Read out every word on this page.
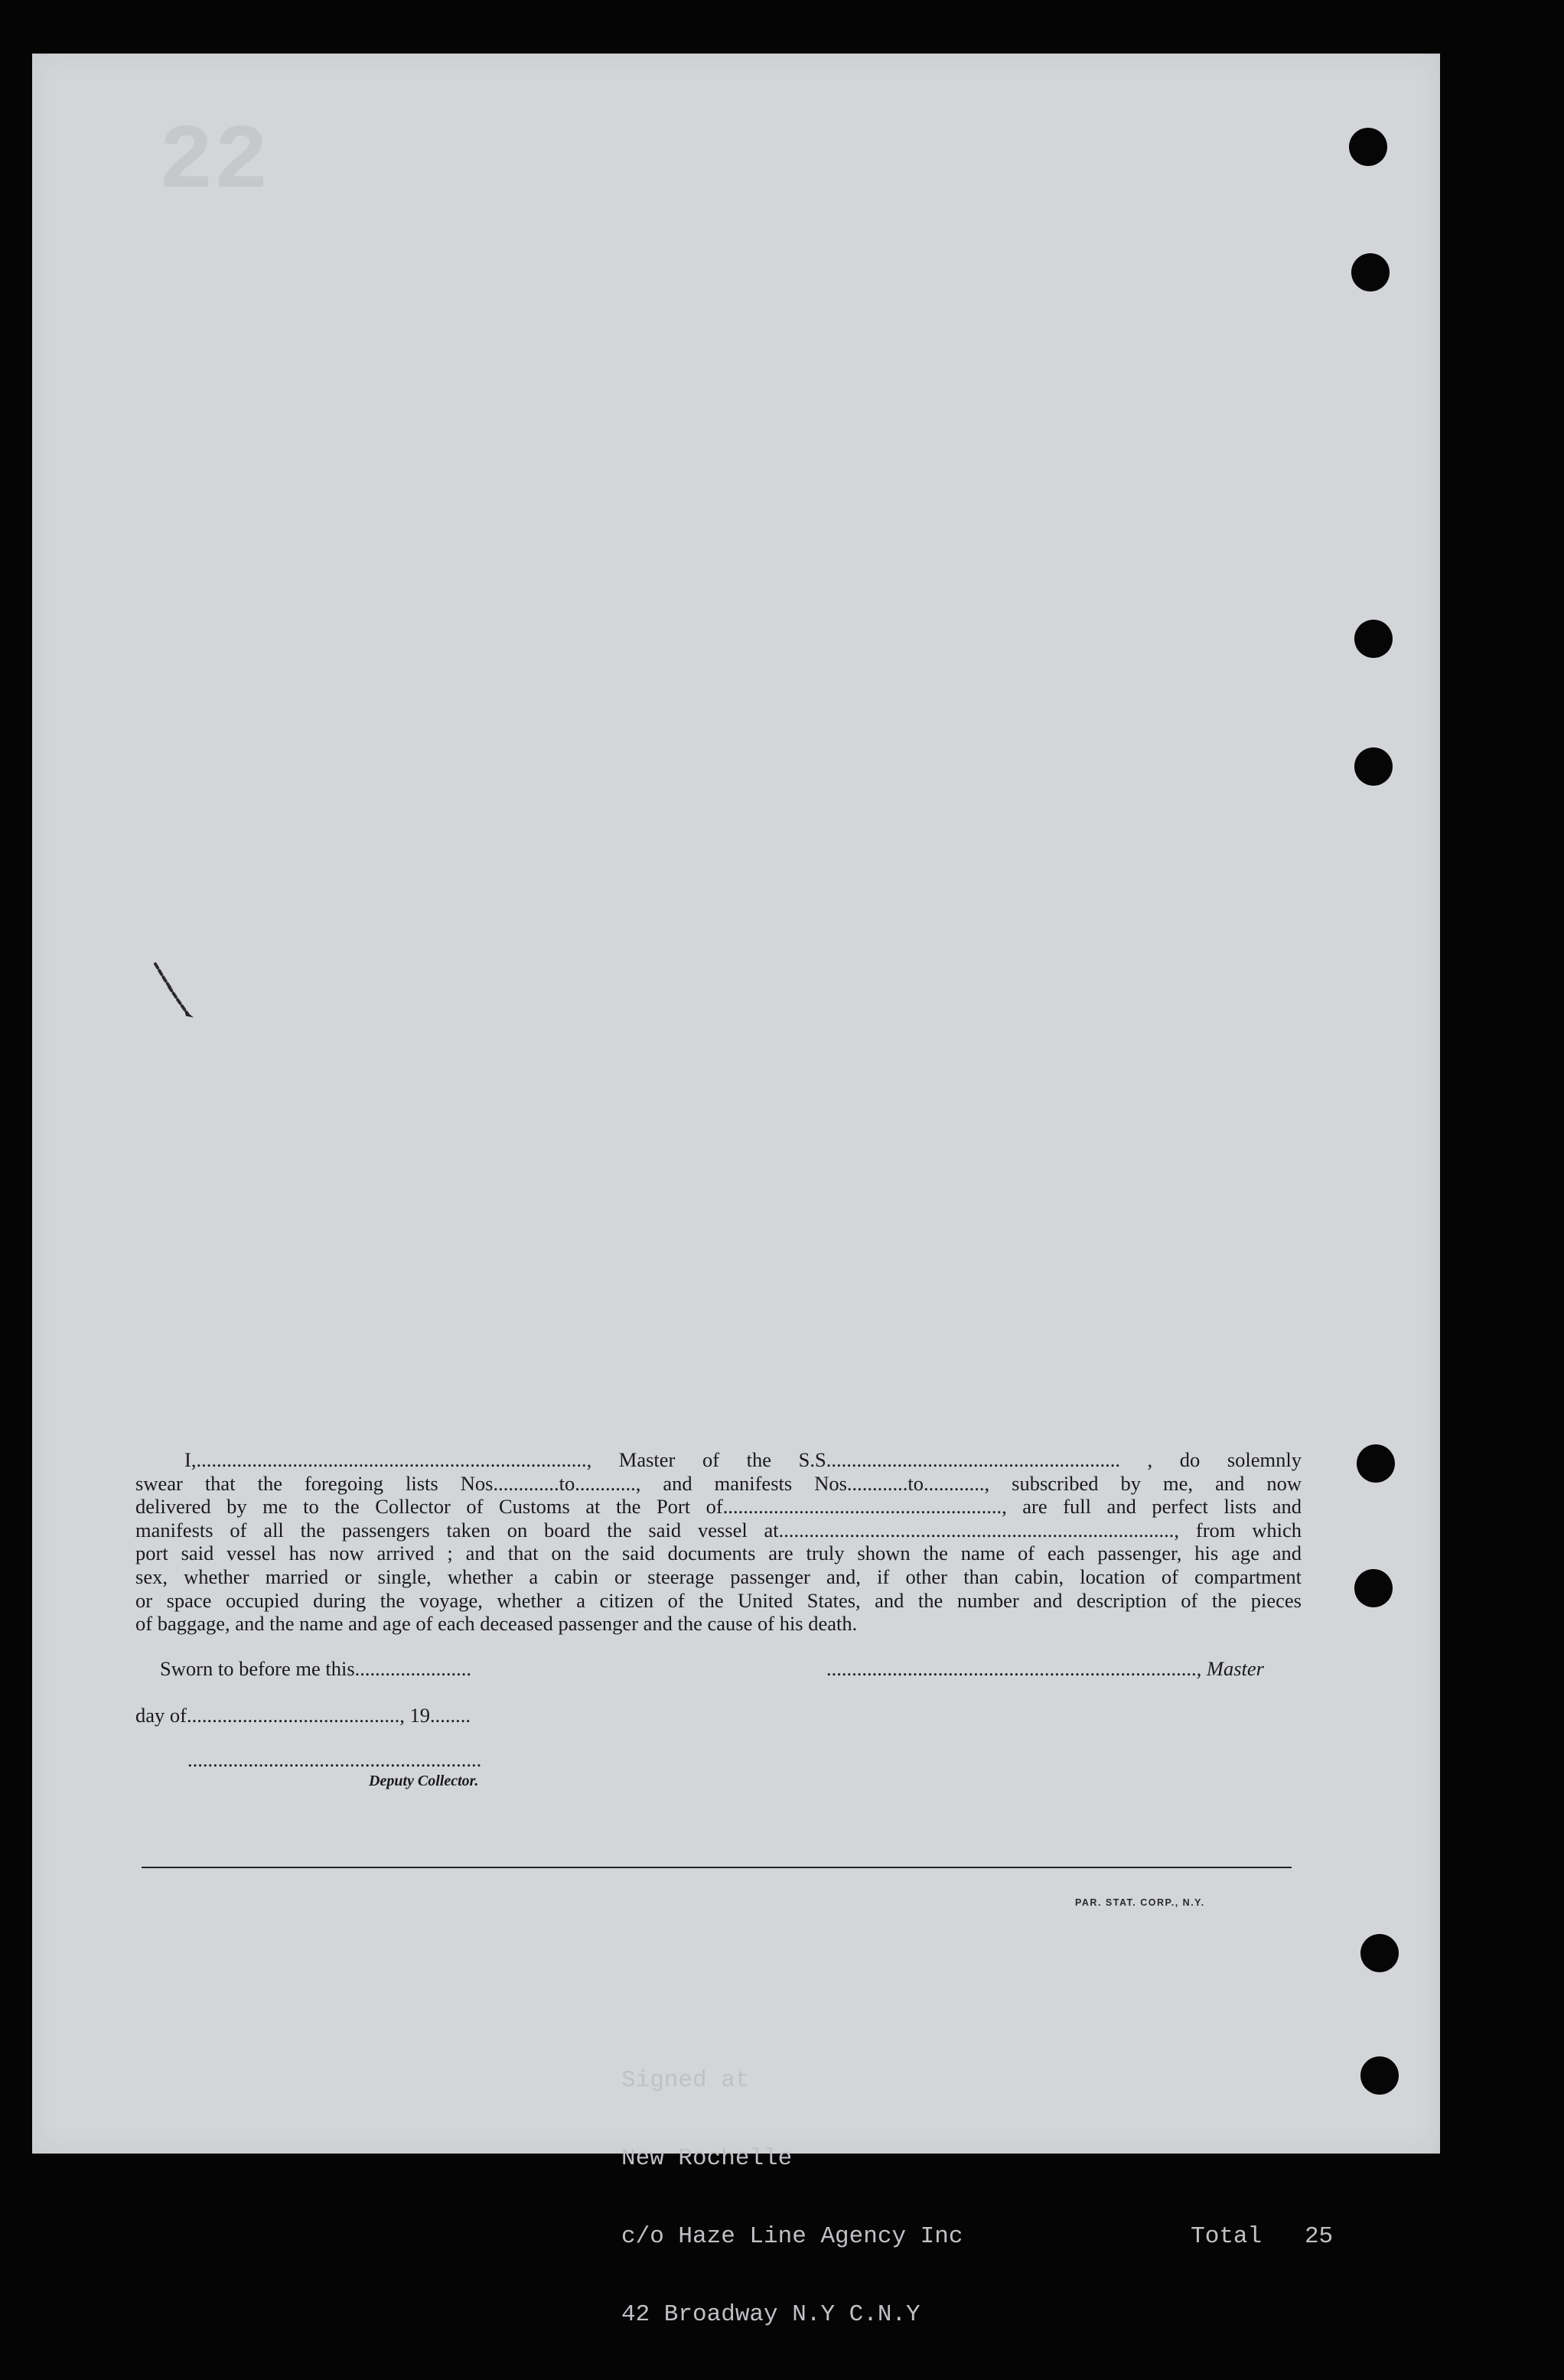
22

Signed at

New Rochelle

c/o Haze Line Agency Inc                Total   25

42 Broadway N.Y C.N.Y

I,............................................................................., Master of the S.S.......................................................... , do solemnly
swear that the foregoing lists Nos.............to............, and manifests Nos............to............, subscribed by me, and now
delivered by me to the Collector of Customs at the Port of......................................................., are full and perfect lists and
manifests of all the passengers taken on board the said vessel at.............................................................................., from which
port said vessel has now arrived ; and that on the said documents are truly shown the name of each passenger, his age and
sex, whether married or single, whether a cabin or steerage passenger and, if other than cabin, location of compartment
or space occupied during the voyage, whether a citizen of the United States, and the number and description of the pieces
of baggage, and the name and age of each deceased passenger and the cause of his death.
Sworn to before me this.......................	........................................................................., Master
day of.........................................., 19........
..........................................................
Deputy Collector.
PAR. STAT. CORP., N.Y.
